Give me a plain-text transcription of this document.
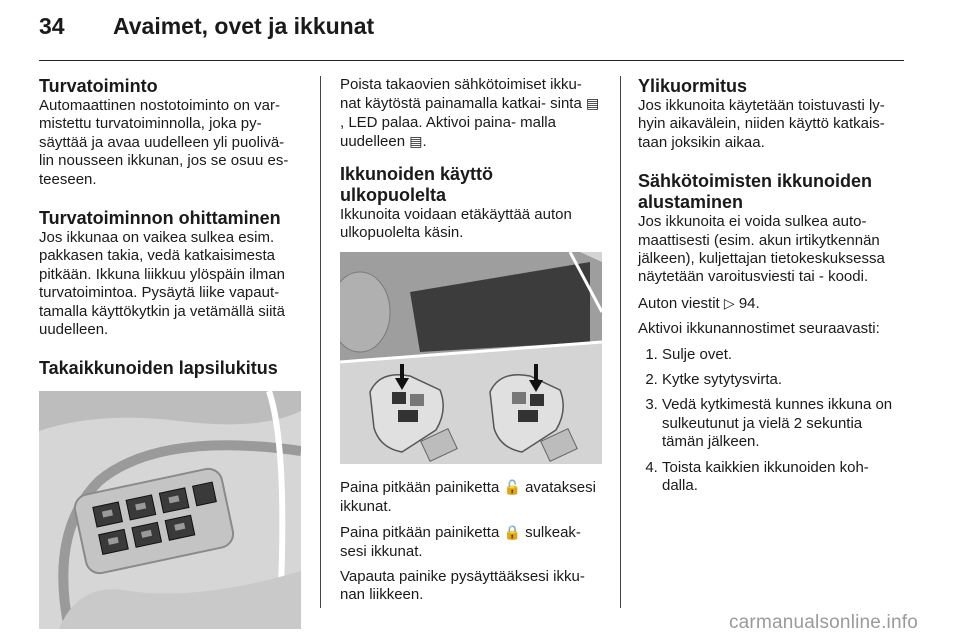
34 Avaimet, ovet ja ikkunat
Turvatoiminto

Automaattinen nostotoiminto on var- mistettu turvatoiminnolla, joka py- säyttää ja avaa uudelleen yli puolivä- lin nousseen ikkunan, jos se osuu es- teeseen.

Turvatoiminnon ohittaminen

Jos ikkunaa on vaikea sulkea esim. pakkasen takia, vedä katkaisimesta pitkään. Ikkuna liikkuu ylöspäin ilman turvatoimintoa. Pysäytä liike vapaut- tamalla käyttökytkin ja vetämällä siitä uudelleen.

Takaikkunoiden lapsilukitus

Poista takaovien sähkötoimiset ikku- nat käytöstä painamalla katkai- sinta ▤, LED palaa. Aktivoi paina- malla uudelleen ▤.

Ikkunoiden käyttö ulkopuolelta

Ikkunoita voidaan etäkäyttää auton ulkopuolelta käsin.

Paina pitkään painiketta 🔓 avataksesi ikkunat.

Paina pitkään painiketta 🔒 sulkeak- sesi ikkunat.

Vapauta painike pysäyttääksesi ikku- nan liikkeen.

Ylikuormitus

Jos ikkunoita käytetään toistuvasti ly- hyin aikavälein, niiden käyttö katkais- taan joksikin aikaa.

Sähkötoimisten ikkunoiden alustaminen

Jos ikkunoita ei voida sulkea auto- maattisesti (esim. akun irtikytkennän jälkeen), kuljettajan tietokeskuksessa näytetään varoitusviesti tai - koodi.

Auton viestit ▷ 94.

Aktivoi ikkunannostimet seuraavasti:

1. Sulje ovet.
2. Kytke sytytysvirta.
3. Vedä kytkimestä kunnes ikkuna on sulkeutunut ja vielä 2 sekuntia tämän jälkeen.
4. Toista kaikkien ikkunoiden koh- dalla.
carmanualsonline.info
